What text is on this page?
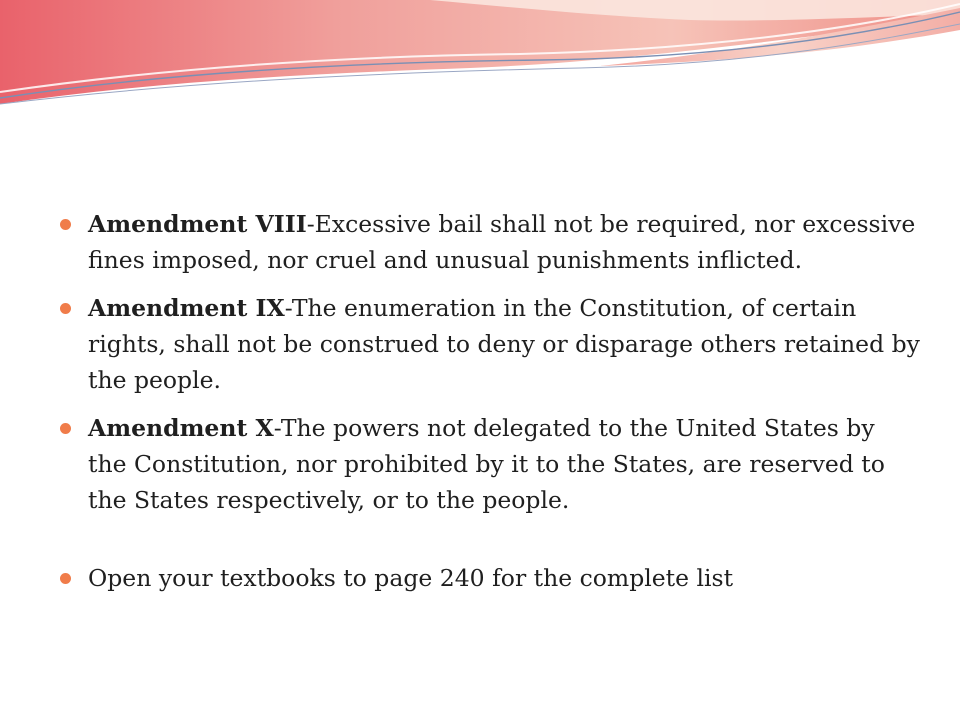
Amendment VIII-Excessive bail shall not be required, nor excessive fines imposed, nor cruel and unusual punishments inflicted.
Amendment IX-The enumeration in the Constitution, of certain rights, shall not be construed to deny or disparage others retained by the people.
Amendment X-The powers not delegated to the United States by the Constitution, nor prohibited by it to the States, are reserved to the States respectively, or to the people.
Open your textbooks to page 240 for the complete list
